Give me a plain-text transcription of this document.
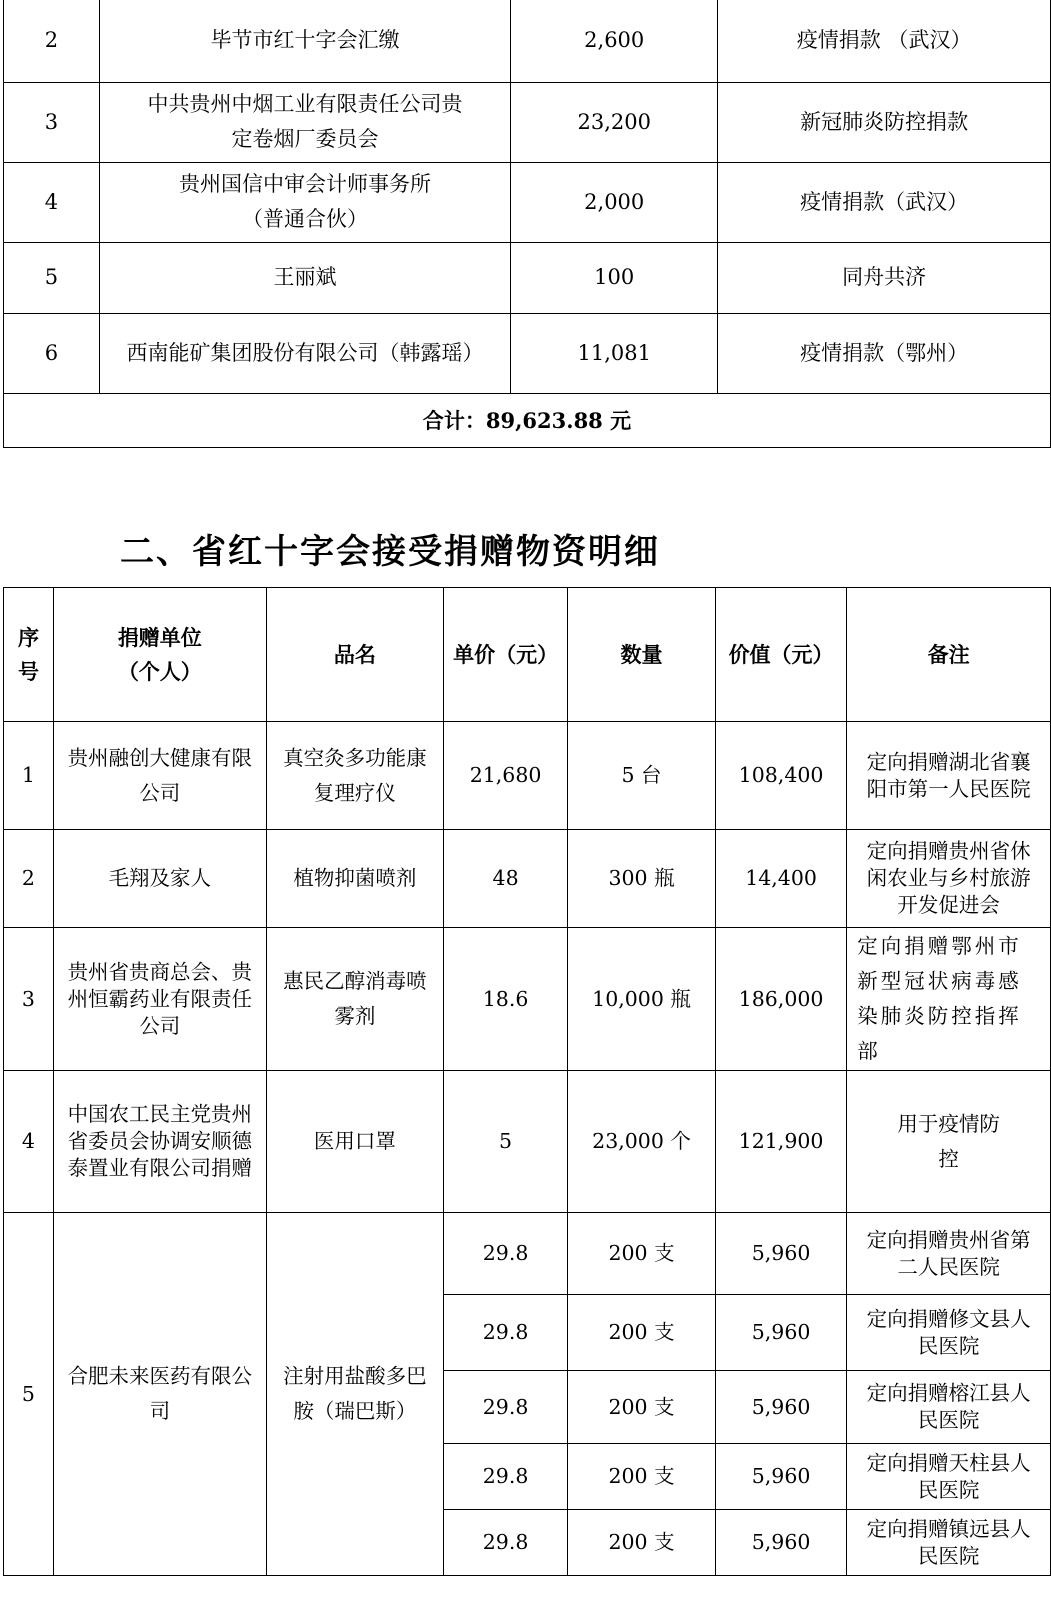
2	毕节市红十字会汇缴	2,600	疫情捐款 （武汉）
3	中共贵州中烟工业有限责任公司贵定卷烟厂委员会	23,200	新冠肺炎防控捐款
4	贵州国信中审会计师事务所（普通合伙）	2,000	疫情捐款（武汉）
5	王丽斌	100	同舟共济
6	西南能矿集团股份有限公司（韩露瑶）	11,081	疫情捐款（鄂州）
合计：89,623.88 元			
二、省红十字会接受捐赠物资明细
序号	捐赠单位（个人）	品名	单价（元）	数量	价值（元）	备注
1	贵州融创大健康有限公司	真空灸多功能康复理疗仪	21,680	5 台	108,400	定向捐赠湖北省襄阳市第一人民医院
2	毛翔及家人	植物抑菌喷剂	48	300 瓶	14,400	定向捐赠贵州省休闲农业与乡村旅游开发促进会
3	贵州省贵商总会、贵州恒霸药业有限责任公司	惠民乙醇消毒喷雾剂	18.6	10,000 瓶	186,000	定向捐赠鄂州市新型冠状病毒感染肺炎防控指挥部
4	中国农工民主党贵州省委员会协调安顺德泰置业有限公司捐赠	医用口罩	5	23,000 个	121,900	用于疫情防控
5	合肥未来医药有限公司	注射用盐酸多巴胺（瑞巴斯）	29.8	200 支	5,960	定向捐赠贵州省第二人民医院
			29.8	200 支	5,960	定向捐赠修文县人民医院
			29.8	200 支	5,960	定向捐赠榕江县人民医院
			29.8	200 支	5,960	定向捐赠天柱县人民医院
			29.8	200 支	5,960	定向捐赠镇远县人民医院
